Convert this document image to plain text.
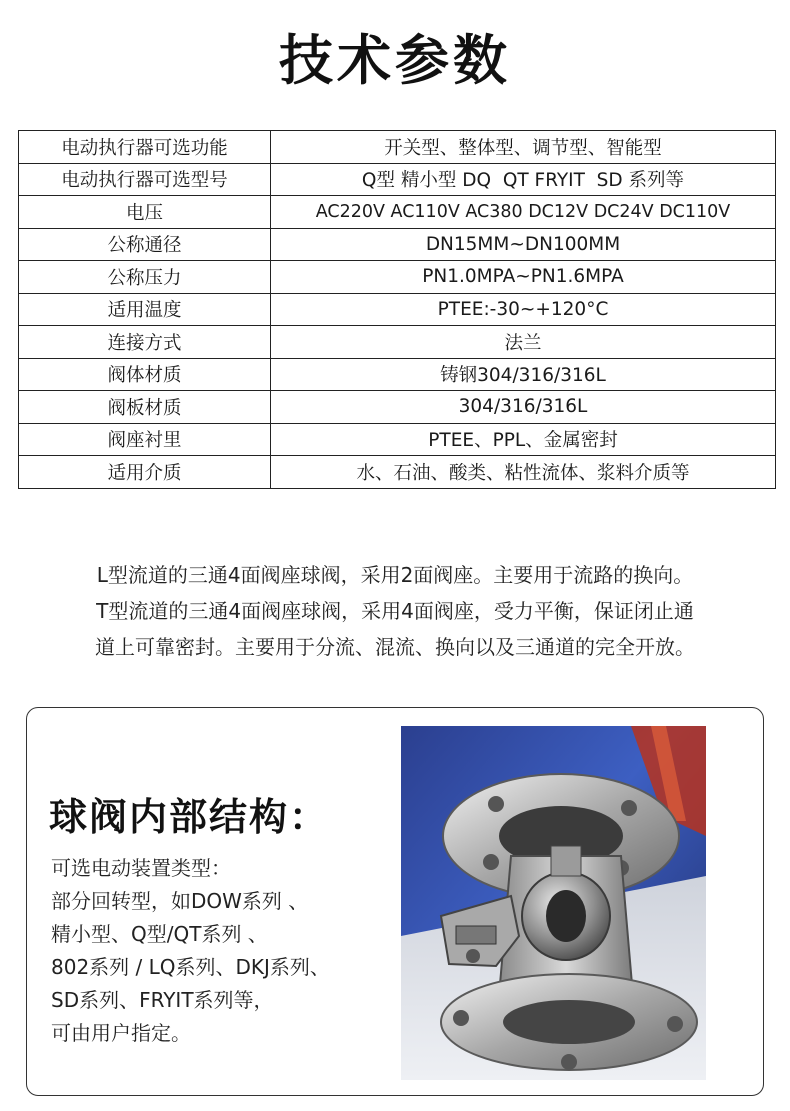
技术参数
电动执行器可选功能	开关型、整体型、调节型、智能型
电动执行器可选型号	Q型 精小型 DQ  QT FRYIT  SD 系列等
电压	AC220V AC110V AC380 DC12V DC24V DC110V
公称通径	DN15MM~DN100MM
公称压力	PN1.0MPA~PN1.6MPA
适用温度	PTEE:-30~+120°C
连接方式	法兰
阀体材质	铸钢304/316/316L
阀板材质	304/316/316L
阀座衬里	PTEE、PPL、金属密封
适用介质	水、石油、酸类、粘性流体、浆料介质等
L型流道的三通4面阀座球阀，采用2面阀座。主要用于流路的换向。
T型流道的三通4面阀座球阀，采用4面阀座，受力平衡，保证闭止通
道上可靠密封。主要用于分流、混流、换向以及三通道的完全开放。
球阀内部结构：
可选电动装置类型：
部分回转型，如DOW系列 、
精小型、Q型/QT系列 、
802系列 / LQ系列、DKJ系列、
SD系列、FRYIT系列等，
可由用户指定。
